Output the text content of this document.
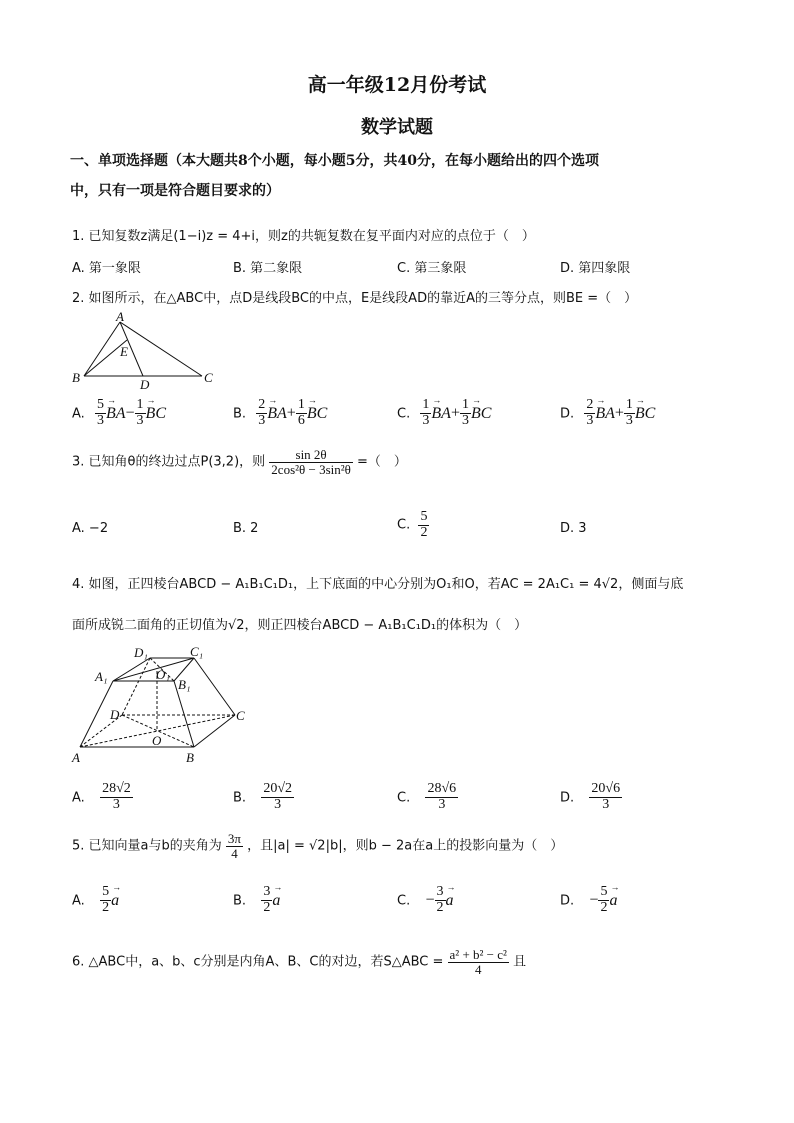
高一年级12月份考试
数学试题
一、单项选择题（本大题共8个小题，每小题5分，共40分，在每小题给出的四个选项
中，只有一项是符合题目要求的）
1. 已知复数z满足(1−i)z = 4+i，则z的共轭复数在复平面内对应的点位于（　）
A. 第一象限	B. 第二象限	C. 第三象限	D. 第四象限
2. 如图所示，在△ABC中，点D是线段BC的中点，E是线段AD的靠近A的三等分点，则BE =（　）
A
E
B	D	C
A. $\frac{5}{3}$
→ $BA- \frac{1}{3}$
→ BC	B. $\frac{2}{3}$
→ $BA+ \frac{1}{6}$
→ BC	C. $\frac{1}{3}$
→ $BA+ \frac{1}{3}$
→ BC	D. $\frac{2}{3}$
→ $BA+ \frac{1}{3}$
→ BC
3. 已知角θ的终边过点P(3,2)，则 $\frac{\sin 2\theta}{\text{2cos²θ − 3sin²θ}}$ =（　）
A. −2	B. 2	C. $\frac{5}{2}$	D. 3
4. 如图，正四棱台ABCD − A₁B₁C₁D₁，上下底面的中心分别为O₁和O，若AC = 2A₁C₁ = 4√2，侧面与底
面所成锐二面角的正切值为√2，则正四棱台ABCD − A₁B₁C₁D₁的体积为（　）
D₁	C₁
A₁	O₁
B₁
D	C
O
A	B
A. $\frac{28√2}{3}$	B. $\frac{20√2}{3}$	C. $\frac{28√6}{3}$	D. $\frac{20√6}{3}$
5. 已知向量a与b的夹角为 $\frac{3\pi}{4}$ ，且|a| = √2|b|，则b − 2a在a上的投影向量为（　）
A. $\frac{5}{2}$
→ a	B. $\frac{3}{2}$
→ a	C. − $\frac{3}{2}$
→ a	D. − $\frac{5}{2}$
→ a
6. △ABC中，a、b、c分别是内角A、B、C的对边，若S△ABC = $\frac{\text{a² + b² − c²}}{4}$ 且
